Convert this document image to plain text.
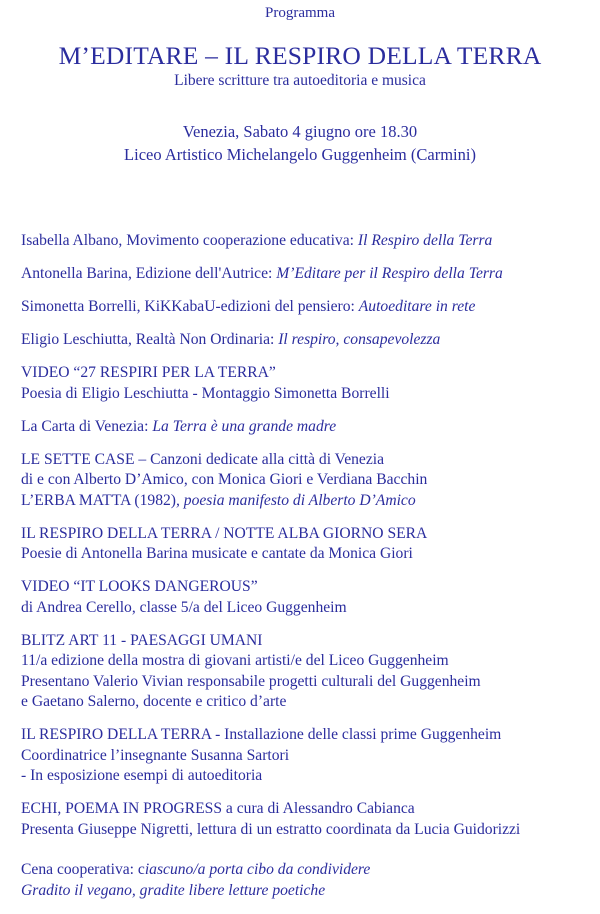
Programma
M’EDITARE – IL RESPIRO DELLA TERRA
Libere scritture tra autoeditoria e musica
Venezia, Sabato 4 giugno ore 18.30
Liceo Artistico Michelangelo Guggenheim (Carmini)
Isabella Albano, Movimento cooperazione educativa: Il Respiro della Terra
Antonella Barina, Edizione dell'Autrice: M’Editare per il Respiro della Terra
Simonetta Borrelli, KiKKabaU-edizioni del pensiero: Autoeditare in rete
Eligio Leschiutta, Realtà Non Ordinaria: Il respiro, consapevolezza
VIDEO “27 RESPIRI PER LA TERRA”
Poesia di Eligio Leschiutta - Montaggio Simonetta Borrelli
La Carta di Venezia: La Terra è una grande madre
LE SETTE CASE – Canzoni dedicate alla città di Venezia
di e con Alberto D’Amico, con Monica Giori e Verdiana Bacchin
L’ERBA MATTA (1982), poesia manifesto di Alberto D’Amico
IL RESPIRO DELLA TERRA / NOTTE ALBA GIORNO SERA
Poesie di Antonella Barina musicate e cantate da Monica Giori
VIDEO “IT LOOKS DANGEROUS”
di Andrea Cerello, classe 5/a del Liceo Guggenheim
BLITZ ART 11 - PAESAGGI UMANI
11/a edizione della mostra di giovani artisti/e del Liceo Guggenheim
Presentano Valerio Vivian responsabile progetti culturali del Guggenheim
e Gaetano Salerno, docente e critico d’arte
IL RESPIRO DELLA TERRA - Installazione delle classi prime Guggenheim
Coordinatrice l’insegnante Susanna Sartori
- In esposizione esempi di autoeditoria
ECHI, POEMA IN PROGRESS a cura di Alessandro Cabianca
Presenta Giuseppe Nigretti, lettura di un estratto coordinata da Lucia Guidorizzi
Cena cooperativa: ciascuno/a porta cibo da condividere
Gradito il vegano, gradite libere letture poetiche
